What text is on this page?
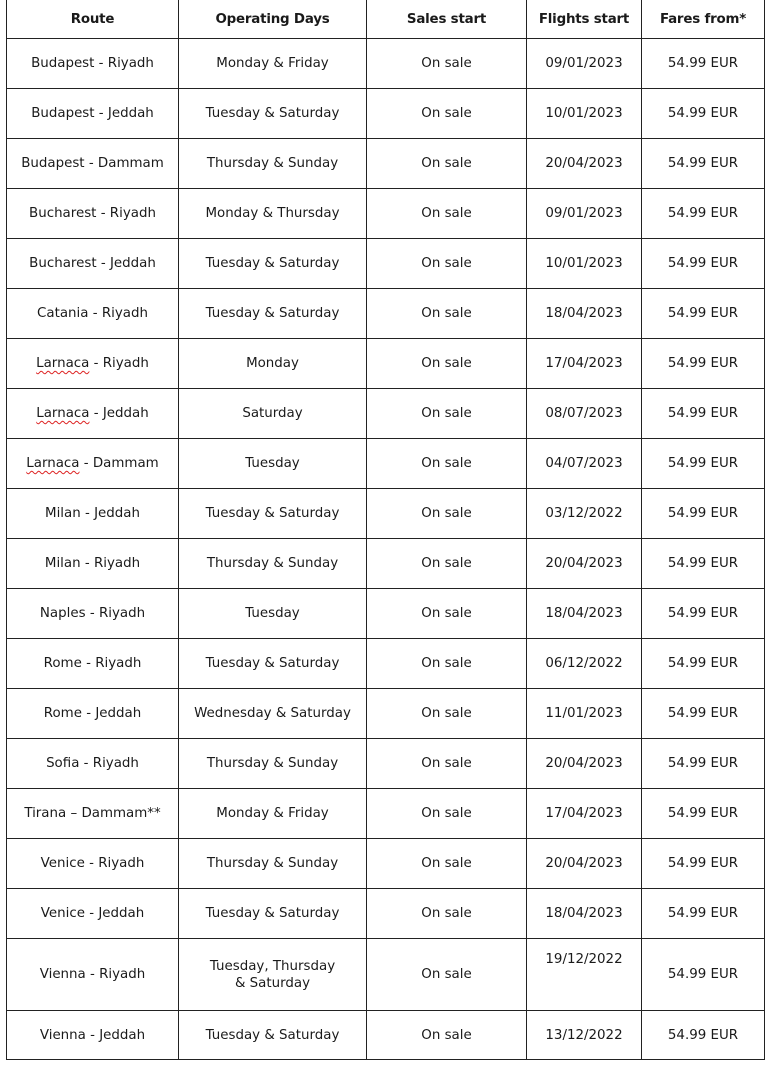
Route	Operating Days	Sales start	Flights start	Fares from*
Budapest - Riyadh	Monday & Friday	On sale	09/01/2023	54.99 EUR
Budapest - Jeddah	Tuesday & Saturday	On sale	10/01/2023	54.99 EUR
Budapest - Dammam	Thursday & Sunday	On sale	20/04/2023	54.99 EUR
Bucharest - Riyadh	Monday & Thursday	On sale	09/01/2023	54.99 EUR
Bucharest - Jeddah	Tuesday & Saturday	On sale	10/01/2023	54.99 EUR
Catania - Riyadh	Tuesday & Saturday	On sale	18/04/2023	54.99 EUR
Larnaca - Riyadh	Monday	On sale	17/04/2023	54.99 EUR
Larnaca - Jeddah	Saturday	On sale	08/07/2023	54.99 EUR
Larnaca - Dammam	Tuesday	On sale	04/07/2023	54.99 EUR
Milan - Jeddah	Tuesday & Saturday	On sale	03/12/2022	54.99 EUR
Milan - Riyadh	Thursday & Sunday	On sale	20/04/2023	54.99 EUR
Naples - Riyadh	Tuesday	On sale	18/04/2023	54.99 EUR
Rome - Riyadh	Tuesday & Saturday	On sale	06/12/2022	54.99 EUR
Rome - Jeddah	Wednesday & Saturday	On sale	11/01/2023	54.99 EUR
Sofia - Riyadh	Thursday & Sunday	On sale	20/04/2023	54.99 EUR
Tirana – Dammam**	Monday & Friday	On sale	17/04/2023	54.99 EUR
Venice - Riyadh	Thursday & Sunday	On sale	20/04/2023	54.99 EUR
Venice - Jeddah	Tuesday & Saturday	On sale	18/04/2023	54.99 EUR
Vienna - Riyadh	Tuesday, Thursday & Saturday	On sale	19/12/2022	54.99 EUR
Vienna - Jeddah	Tuesday & Saturday	On sale	13/12/2022	54.99 EUR
